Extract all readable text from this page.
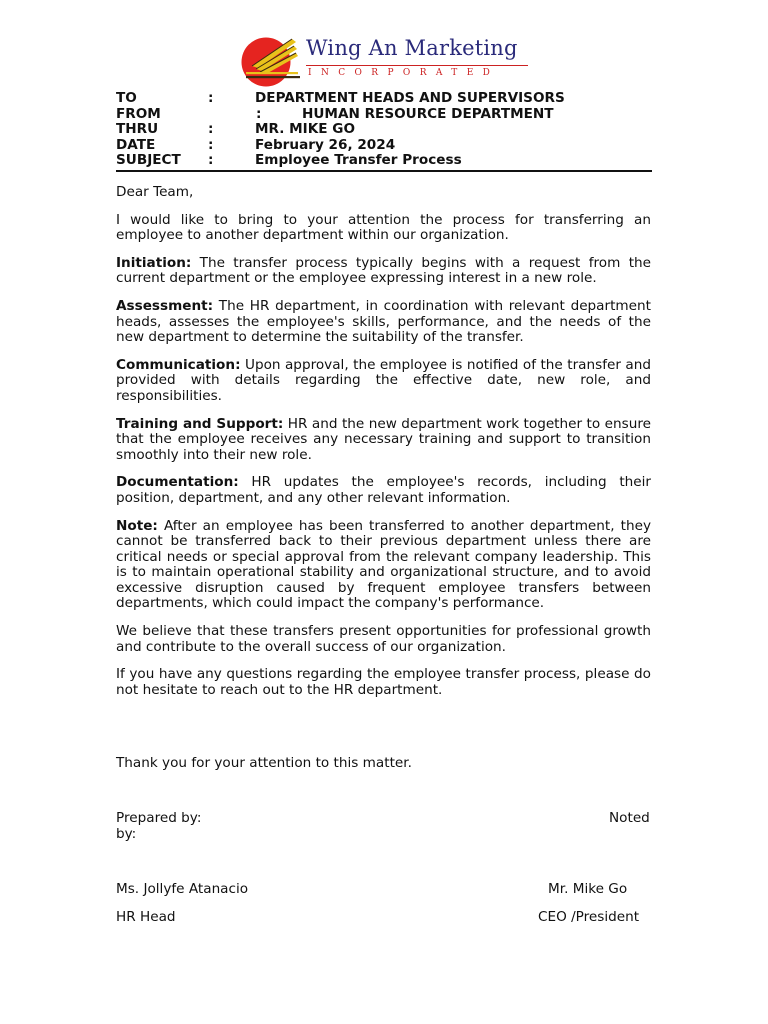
Wing An Marketing
INCORPORATED
TO	:	DEPARTMENT HEADS AND SUPERVISORS
FROM	:	HUMAN RESOURCE DEPARTMENT
THRU	:	MR. MIKE GO
DATE	:	February 26, 2024
SUBJECT :	Employee Transfer Process

Dear Team,

I would like to bring to your attention the process for transferring an employee to another department within our organization.

Initiation: The transfer process typically begins with a request from the current department or the employee expressing interest in a new role.

Assessment: The HR department, in coordination with relevant department heads, assesses the employee's skills, performance, and the needs of the new department to determine the suitability of the transfer.

Communication: Upon approval, the employee is notified of the transfer and provided with details regarding the effective date, new role, and responsibilities.

Training and Support: HR and the new department work together to ensure that the employee receives any necessary training and support to transition smoothly into their new role.

Documentation: HR updates the employee's records, including their position, department, and any other relevant information.

Note: After an employee has been transferred to another department, they cannot be transferred back to their previous department unless there are critical needs or special approval from the relevant company leadership. This is to maintain operational stability and organizational structure, and to avoid excessive disruption caused by frequent employee transfers between departments, which could impact the company's performance.

We believe that these transfers present opportunities for professional growth and contribute to the overall success of our organization.

If you have any questions regarding the employee transfer process, please do not hesitate to reach out to the HR department.

Thank you for your attention to this matter.
Prepared by:	Noted
by:
Ms. Jollyfe Atanacio	Mr. Mike Go
HR Head	CEO /President
